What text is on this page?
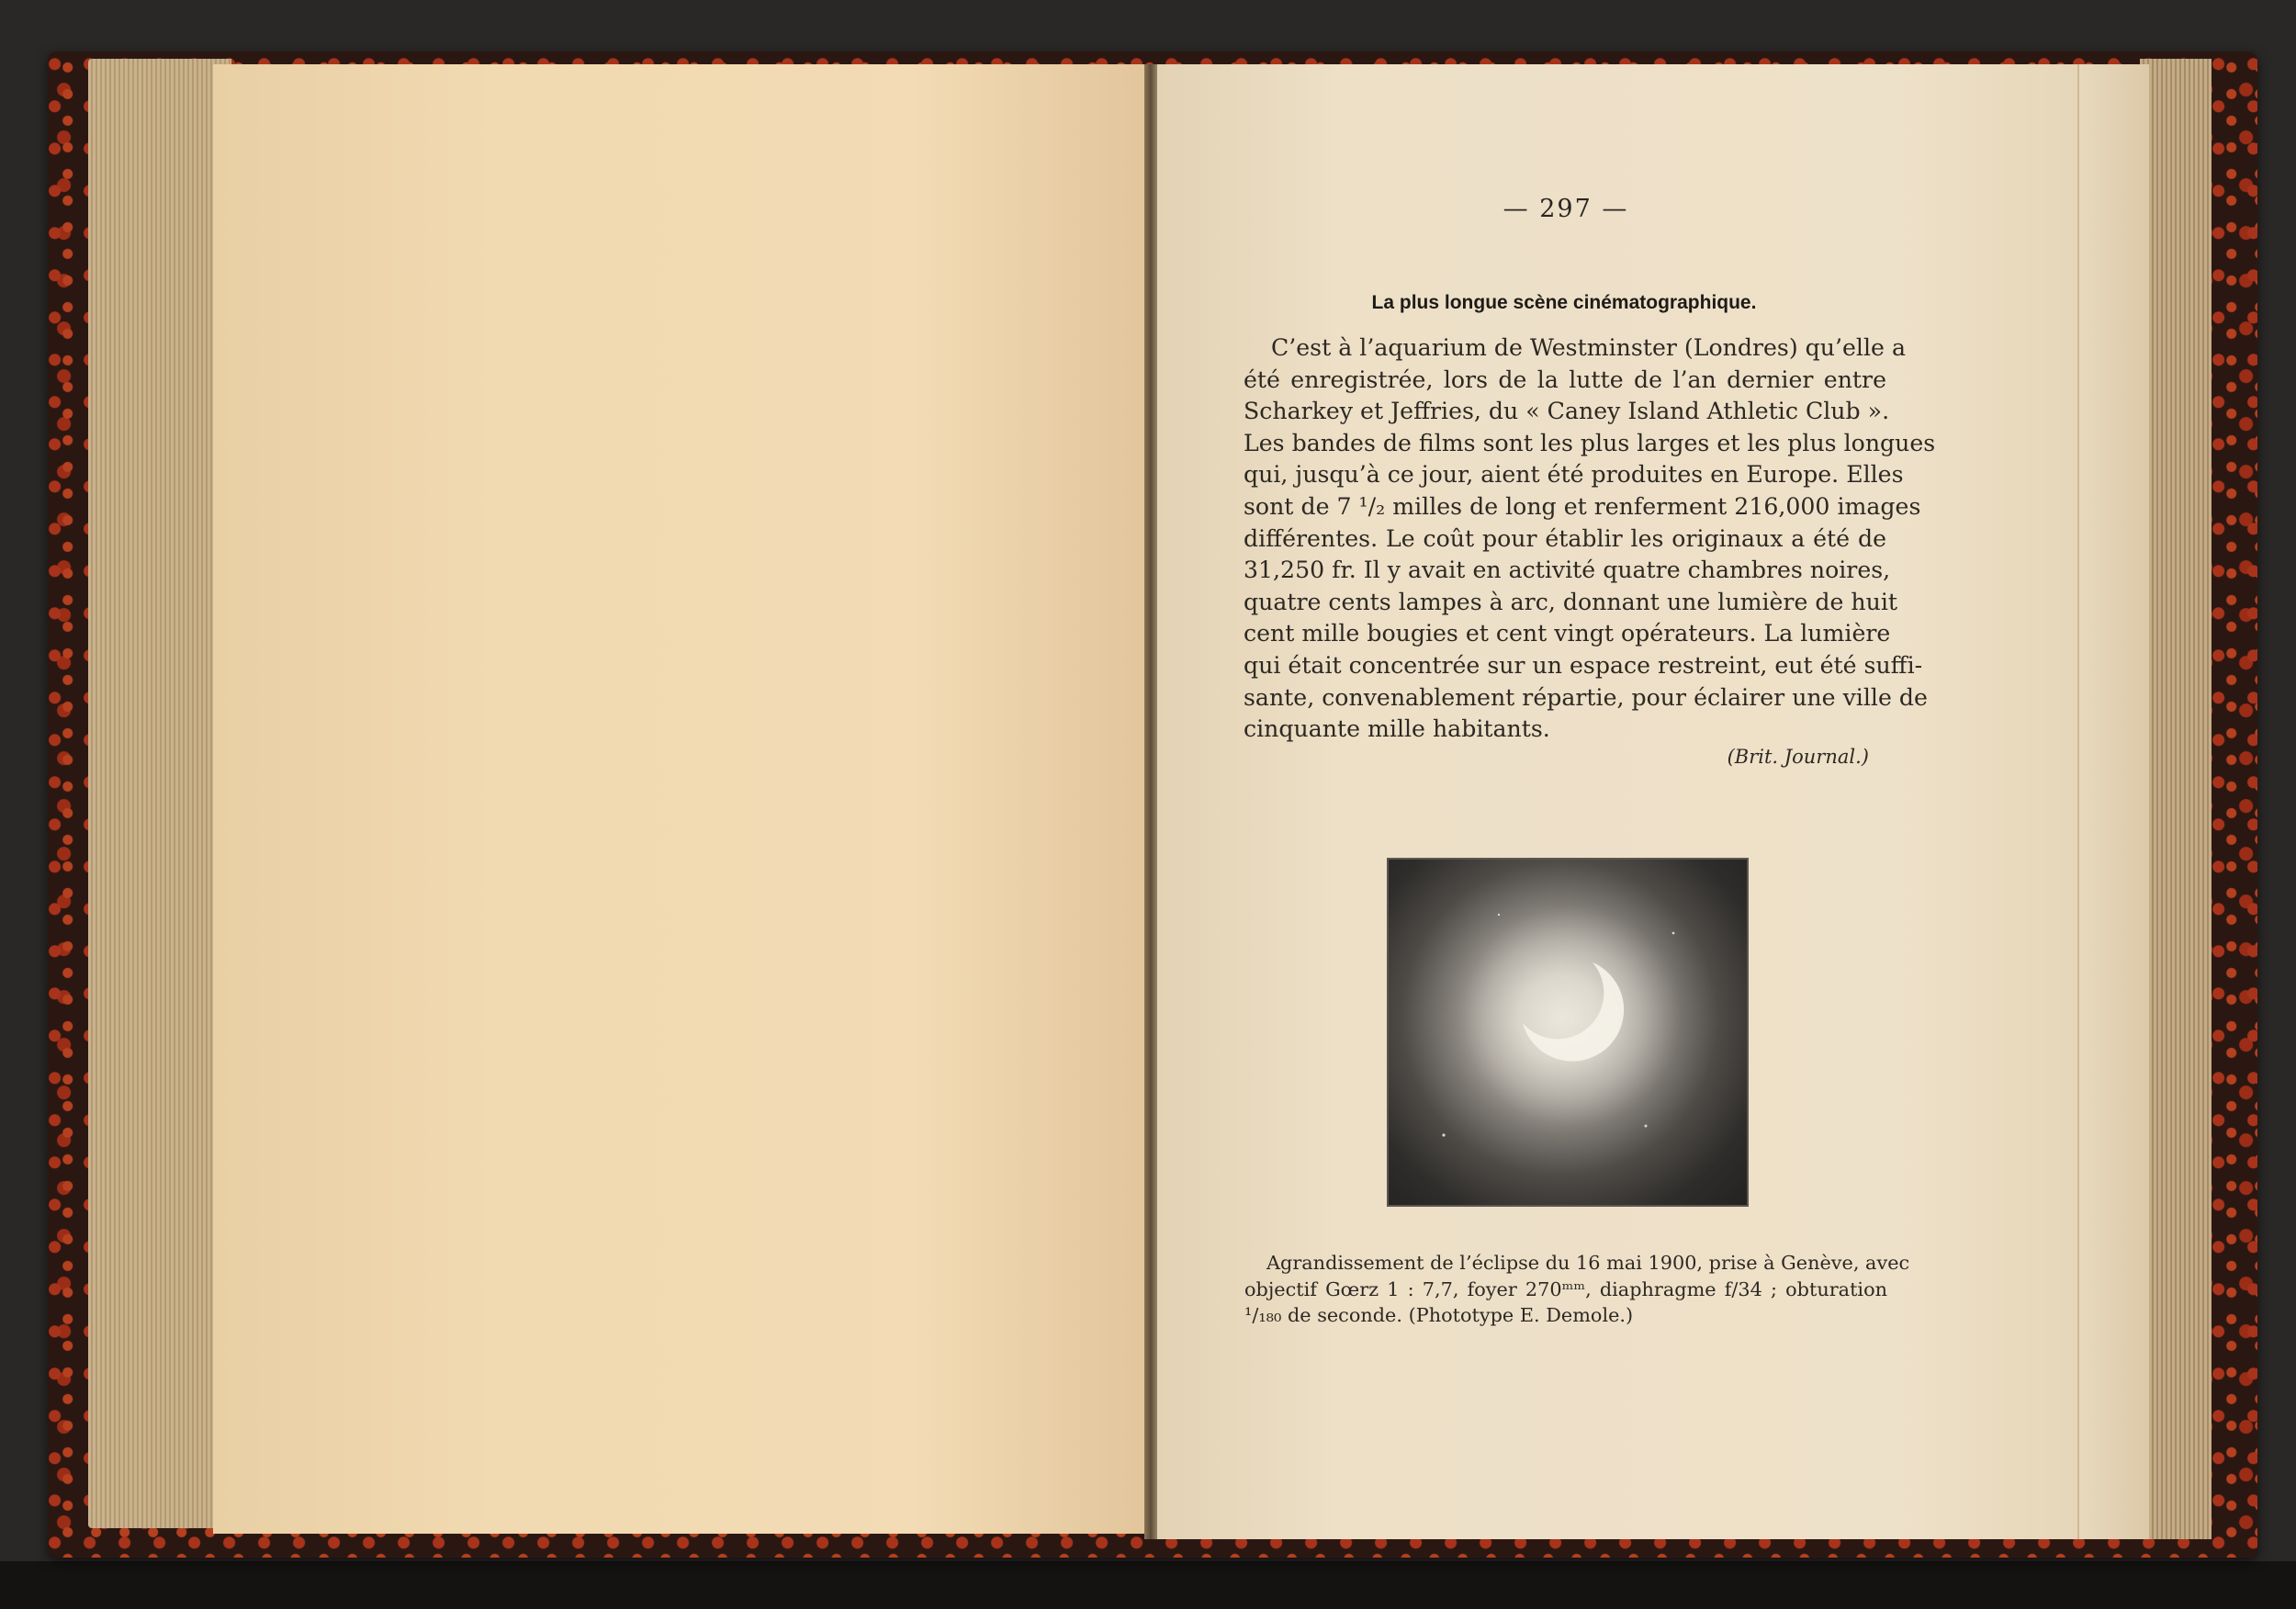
— 297 —
La plus longue scène cinématographique.
C’est à l’aquarium de Westminster (Londres) qu’elle a
été enregistrée, lors de la lutte de l’an dernier entre
Scharkey et Jeffries, du « Caney Island Athletic Club ».
Les bandes de films sont les plus larges et les plus longues
qui, jusqu’à ce jour, aient été produites en Europe. Elles
sont de 7 ¹/₂ milles de long et renferment 216,000 images
différentes. Le coût pour établir les originaux a été de
31,250 fr. Il y avait en activité quatre chambres noires,
quatre cents lampes à arc, donnant une lumière de huit
cent mille bougies et cent vingt opérateurs. La lumière
qui était concentrée sur un espace restreint, eut été suffi-
sante, convenablement répartie, pour éclairer une ville de
cinquante mille habitants.
(Brit. Journal.)
Agrandissement de l’éclipse du 16 mai 1900, prise à Genève, avec
objectif Gœrz 1 : 7,7, foyer 270ᵐᵐ, diaphragme f/34 ; obturation
¹/₁₈₀ de seconde. (Phototype E. Demole.)
